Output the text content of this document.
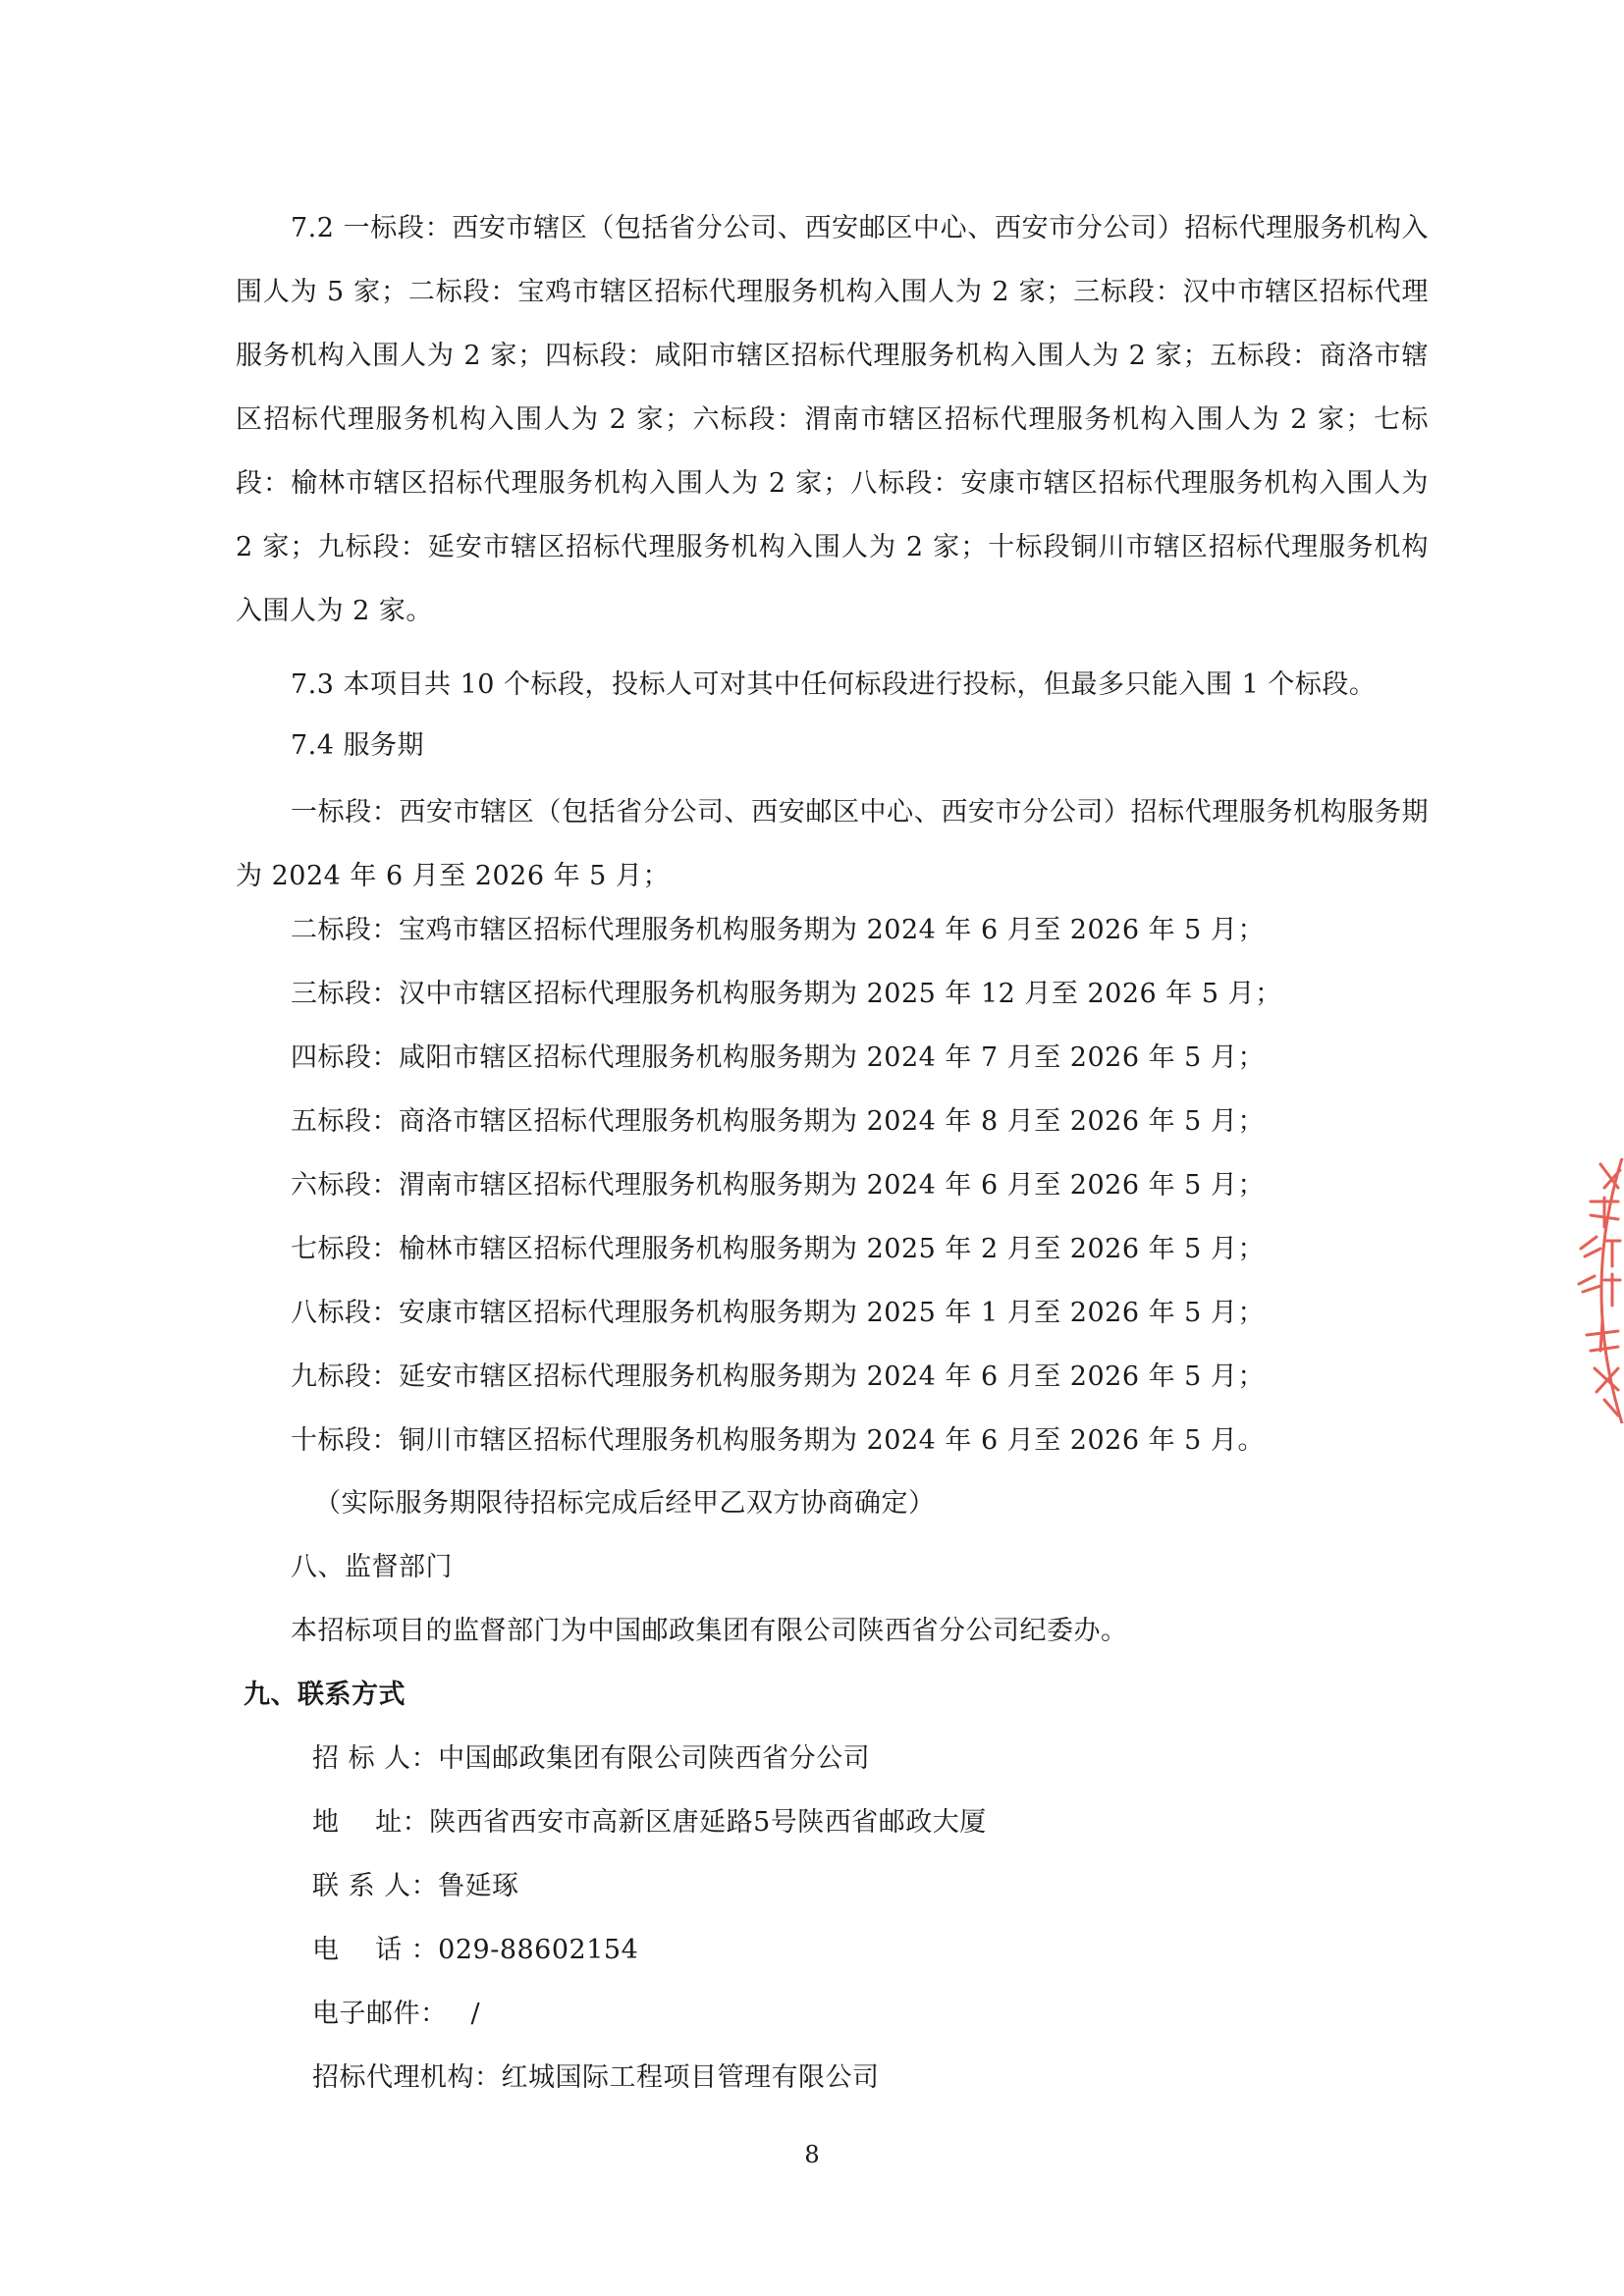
7.2 一标段：西安市辖区（包括省分公司、西安邮区中心、西安市分公司）招标代理服务机构入围人为 5 家；二标段：宝鸡市辖区招标代理服务机构入围人为 2 家；三标段：汉中市辖区招标代理服务机构入围人为 2 家；四标段：咸阳市辖区招标代理服务机构入围人为 2 家；五标段：商洛市辖区招标代理服务机构入围人为 2 家；六标段：渭南市辖区招标代理服务机构入围人为 2 家；七标段：榆林市辖区招标代理服务机构入围人为 2 家；八标段：安康市辖区招标代理服务机构入围人为 2 家；九标段：延安市辖区招标代理服务机构入围人为 2 家；十标段铜川市辖区招标代理服务机构入围人为 2 家。

7.3 本项目共 10 个标段，投标人可对其中任何标段进行投标，但最多只能入围 1 个标段。

7.4 服务期

一标段：西安市辖区（包括省分公司、西安邮区中心、西安市分公司）招标代理服务机构服务期为 2024 年 6 月至 2026 年 5 月；

二标段：宝鸡市辖区招标代理服务机构服务期为 2024 年 6 月至 2026 年 5 月；

三标段：汉中市辖区招标代理服务机构服务期为 2025 年 12 月至 2026 年 5 月；

四标段：咸阳市辖区招标代理服务机构服务期为 2024 年 7 月至 2026 年 5 月；

五标段：商洛市辖区招标代理服务机构服务期为 2024 年 8 月至 2026 年 5 月；

六标段：渭南市辖区招标代理服务机构服务期为 2024 年 6 月至 2026 年 5 月；

七标段：榆林市辖区招标代理服务机构服务期为 2025 年 2 月至 2026 年 5 月；

八标段：安康市辖区招标代理服务机构服务期为 2025 年 1 月至 2026 年 5 月；

九标段：延安市辖区招标代理服务机构服务期为 2024 年 6 月至 2026 年 5 月；

十标段：铜川市辖区招标代理服务机构服务期为 2024 年 6 月至 2026 年 5 月。

（实际服务期限待招标完成后经甲乙双方协商确定）

八、监督部门

本招标项目的监督部门为中国邮政集团有限公司陕西省分公司纪委办。

九、联系方式

招 标 人：中国邮政集团有限公司陕西省分公司
地　 址：陕西省西安市高新区唐延路5号陕西省邮政大厦
联 系 人：鲁延琢
电　 话 ：029-88602154
电子邮件： /
招标代理机构：红城国际工程项目管理有限公司
8
